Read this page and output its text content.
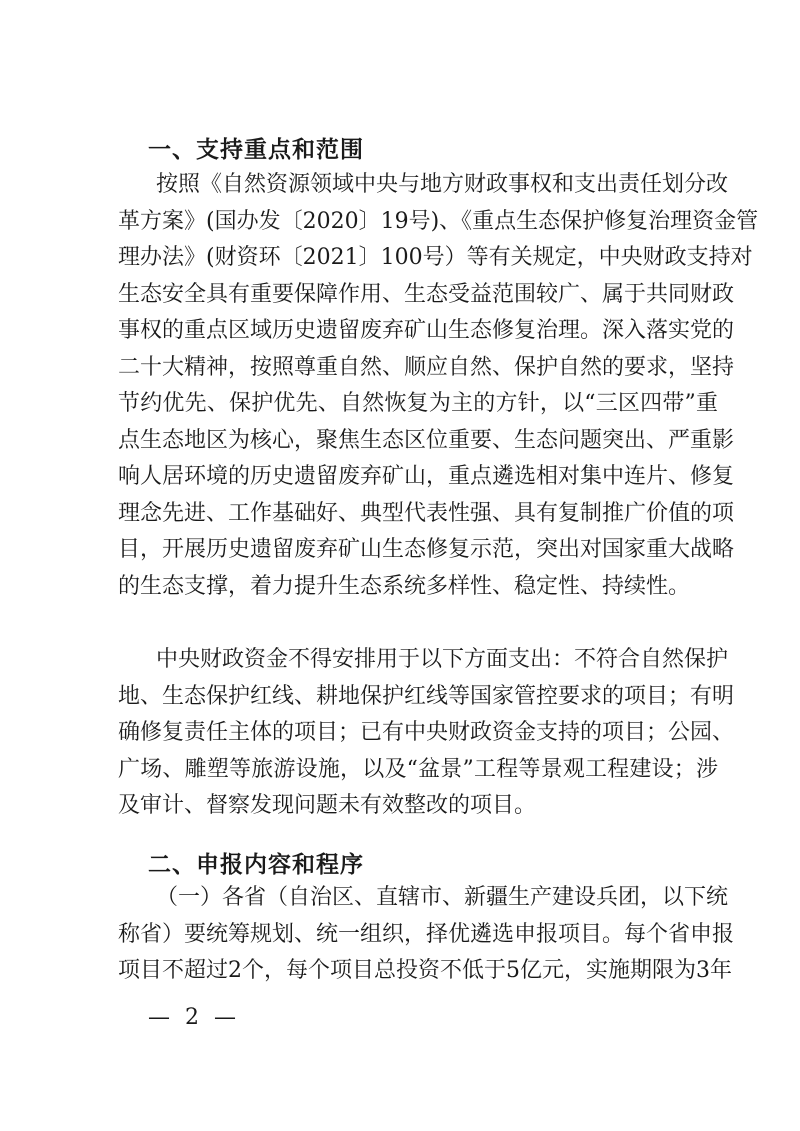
一、支持重点和范围
按照《自然资源领域中央与地方财政事权和支出责任划分改
革方案》(国办发〔2020〕19号)、《重点生态保护修复治理资金管
理办法》(财资环〔2021〕100号）等有关规定，中央财政支持对
生态安全具有重要保障作用、生态受益范围较广、属于共同财政
事权的重点区域历史遗留废弃矿山生态修复治理。深入落实党的
二十大精神，按照尊重自然、顺应自然、保护自然的要求，坚持
节约优先、保护优先、自然恢复为主的方针，以“三区四带”重
点生态地区为核心，聚焦生态区位重要、生态问题突出、严重影
响人居环境的历史遗留废弃矿山，重点遴选相对集中连片、修复
理念先进、工作基础好、典型代表性强、具有复制推广价值的项
目，开展历史遗留废弃矿山生态修复示范，突出对国家重大战略
的生态支撑，着力提升生态系统多样性、稳定性、持续性。
中央财政资金不得安排用于以下方面支出：不符合自然保护
地、生态保护红线、耕地保护红线等国家管控要求的项目；有明
确修复责任主体的项目；已有中央财政资金支持的项目；公园、
广场、雕塑等旅游设施，以及“盆景”工程等景观工程建设；涉
及审计、督察发现问题未有效整改的项目。
二、申报内容和程序
（一）各省（自治区、直辖市、新疆生产建设兵团，以下统
称省）要统筹规划、统一组织，择优遴选申报项目。每个省申报
项目不超过2个，每个项目总投资不低于5亿元，实施期限为3年
— 2 —
